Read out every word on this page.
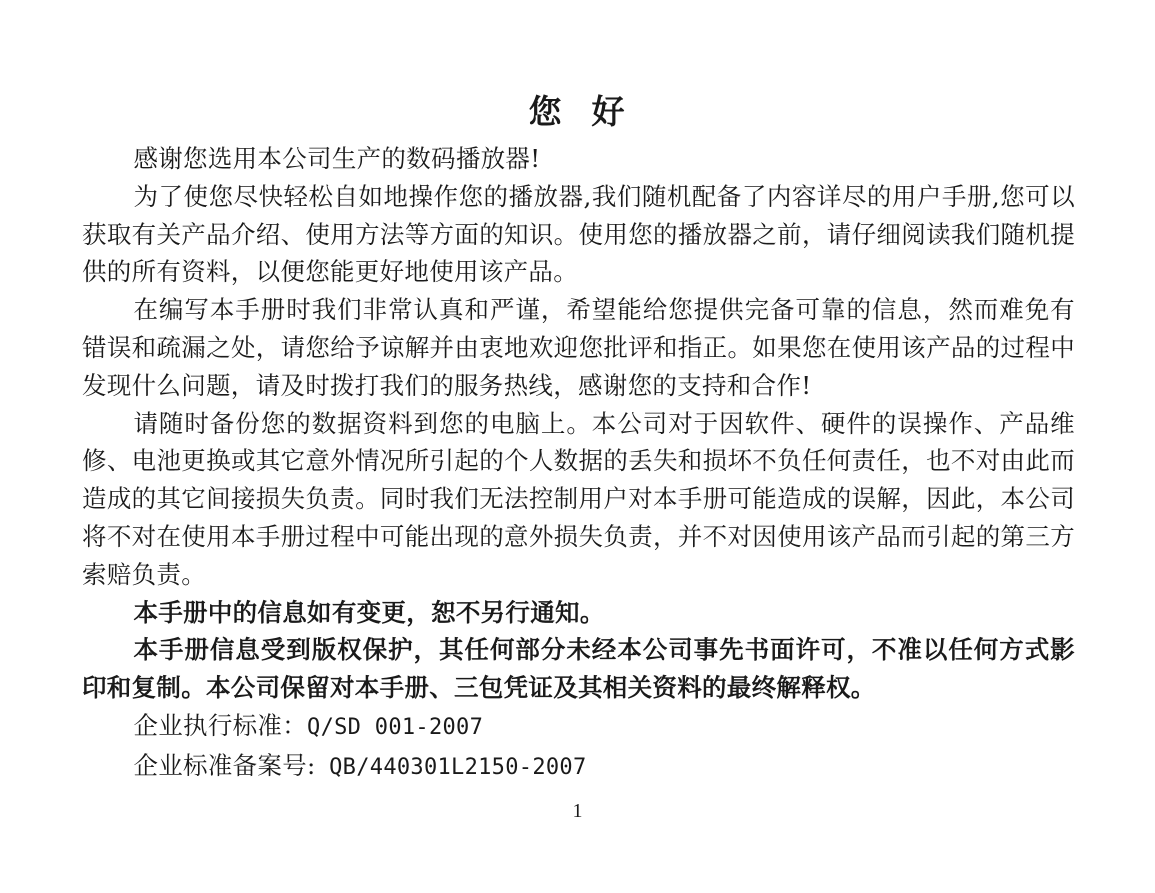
您 好

感谢您选用本公司生产的数码播放器!

为了使您尽快轻松自如地操作您的播放器,我们随机配备了内容详尽的用户手册,您可以获取有关产品介绍、使用方法等方面的知识。使用您的播放器之前，请仔细阅读我们随机提供的所有资料，以便您能更好地使用该产品。

在编写本手册时我们非常认真和严谨，希望能给您提供完备可靠的信息，然而难免有错误和疏漏之处，请您给予谅解并由衷地欢迎您批评和指正。如果您在使用该产品的过程中发现什么问题，请及时拨打我们的服务热线，感谢您的支持和合作!

请随时备份您的数据资料到您的电脑上。本公司对于因软件、硬件的误操作、产品维修、电池更换或其它意外情况所引起的个人数据的丢失和损坏不负任何责任，也不对由此而造成的其它间接损失负责。同时我们无法控制用户对本手册可能造成的误解，因此，本公司将不对在使用本手册过程中可能出现的意外损失负责，并不对因使用该产品而引起的第三方索赔负责。

本手册中的信息如有变更，恕不另行通知。

本手册信息受到版权保护，其任何部分未经本公司事先书面许可，不准以任何方式影印和复制。本公司保留对本手册、三包凭证及其相关资料的最终解释权。

企业执行标准：Q/SD 001-2007

企业标准备案号: QB/440301L2150-2007

1
